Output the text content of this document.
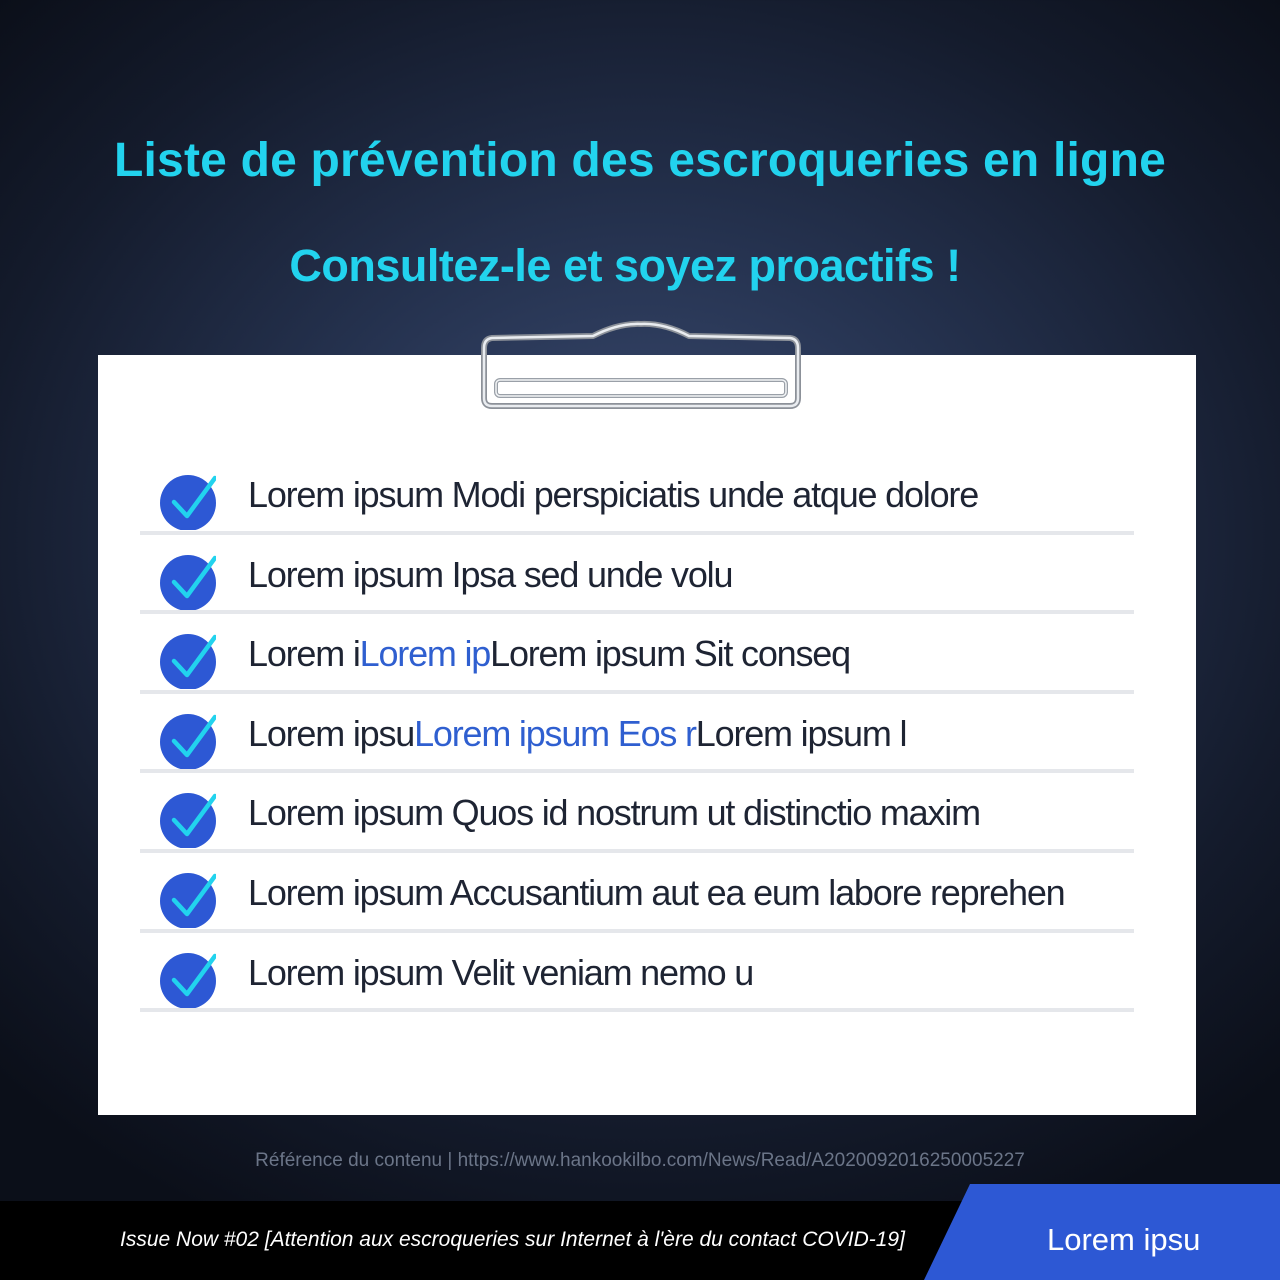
Liste de prévention des escroqueries en ligne
Consultez-le et soyez proactifs !
Lorem ipsum Modi perspiciatis unde atque dolore
Lorem ipsum Ipsa sed unde volu
Lorem iLorem ipLorem ipsum Sit conseq
Lorem ipsuLorem ipsum Eos rLorem ipsum l
Lorem ipsum Quos id nostrum ut distinctio maxim
Lorem ipsum Accusantium aut ea eum labore reprehen
Lorem ipsum Velit veniam nemo u
Référence du contenu | https://www.hankookilbo.com/News/Read/A2020092016250005227
Issue Now #02 [Attention aux escroqueries sur Internet à l'ère du contact COVID-19]	Lorem ipsu
